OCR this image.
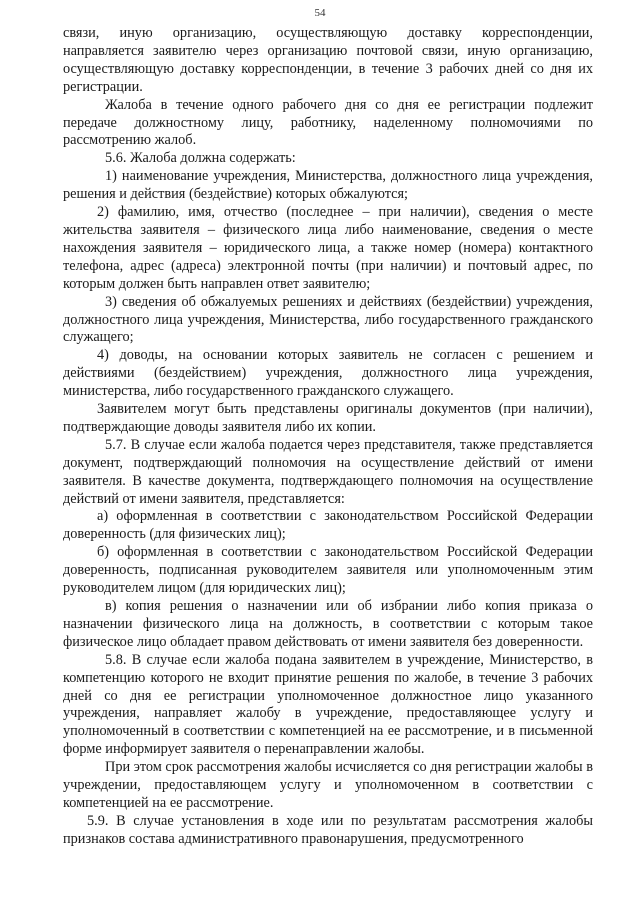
54

связи, иную организацию, осуществляющую доставку корреспонденции, направляется заявителю через организацию почтовой связи, иную организацию, осуществляющую доставку корреспонденции, в течение 3 рабочих дней со дня их регистрации.

Жалоба в течение одного рабочего дня со дня ее регистрации подлежит передаче должностному лицу, работнику, наделенному полномочиями по рассмотрению жалоб.

5.6. Жалоба должна содержать:

1) наименование учреждения, Министерства, должностного лица учреждения, решения и действия (бездействие) которых обжалуются;

2) фамилию, имя, отчество (последнее – при наличии), сведения о месте жительства заявителя – физического лица либо наименование, сведения о месте нахождения заявителя – юридического лица, а также номер (номера) контактного телефона, адрес (адреса) электронной почты (при наличии) и почтовый адрес, по которым должен быть направлен ответ заявителю;

3) сведения об обжалуемых решениях и действиях (бездействии) учреждения, должностного лица учреждения, Министерства, либо государственного гражданского служащего;

4) доводы, на основании которых заявитель не согласен с решением и действиями (бездействием) учреждения, должностного лица учреждения, министерства, либо государственного гражданского служащего.

Заявителем могут быть представлены оригиналы документов (при наличии), подтверждающие доводы заявителя либо их копии.

5.7. В случае если жалоба подается через представителя, также представляется документ, подтверждающий полномочия на осуществление действий от имени заявителя. В качестве документа, подтверждающего полномочия на осуществление действий от имени заявителя, представляется:

а) оформленная в соответствии с законодательством Российской Федерации доверенность (для физических лиц);

б) оформленная в соответствии с законодательством Российской Федерации доверенность, подписанная руководителем заявителя или уполномоченным этим руководителем лицом (для юридических лиц);

в) копия решения о назначении или об избрании либо копия приказа о назначении физического лица на должность, в соответствии с которым такое физическое лицо обладает правом действовать от имени заявителя без доверенности.

5.8. В случае если жалоба подана заявителем в учреждение, Министерство, в компетенцию которого не входит принятие решения по жалобе, в течение 3 рабочих дней со дня ее регистрации уполномоченное должностное лицо указанного учреждения, направляет жалобу в учреждение, предоставляющее услугу и уполномоченный в соответствии с компетенцией на ее рассмотрение, и в письменной форме информирует заявителя о перенаправлении жалобы.

При этом срок рассмотрения жалобы исчисляется со дня регистрации жалобы в учреждении, предоставляющем услугу и уполномоченном в соответствии с компетенцией на ее рассмотрение.

5.9. В случае установления в ходе или по результатам рассмотрения жалобы признаков состава административного правонарушения, предусмотренного
